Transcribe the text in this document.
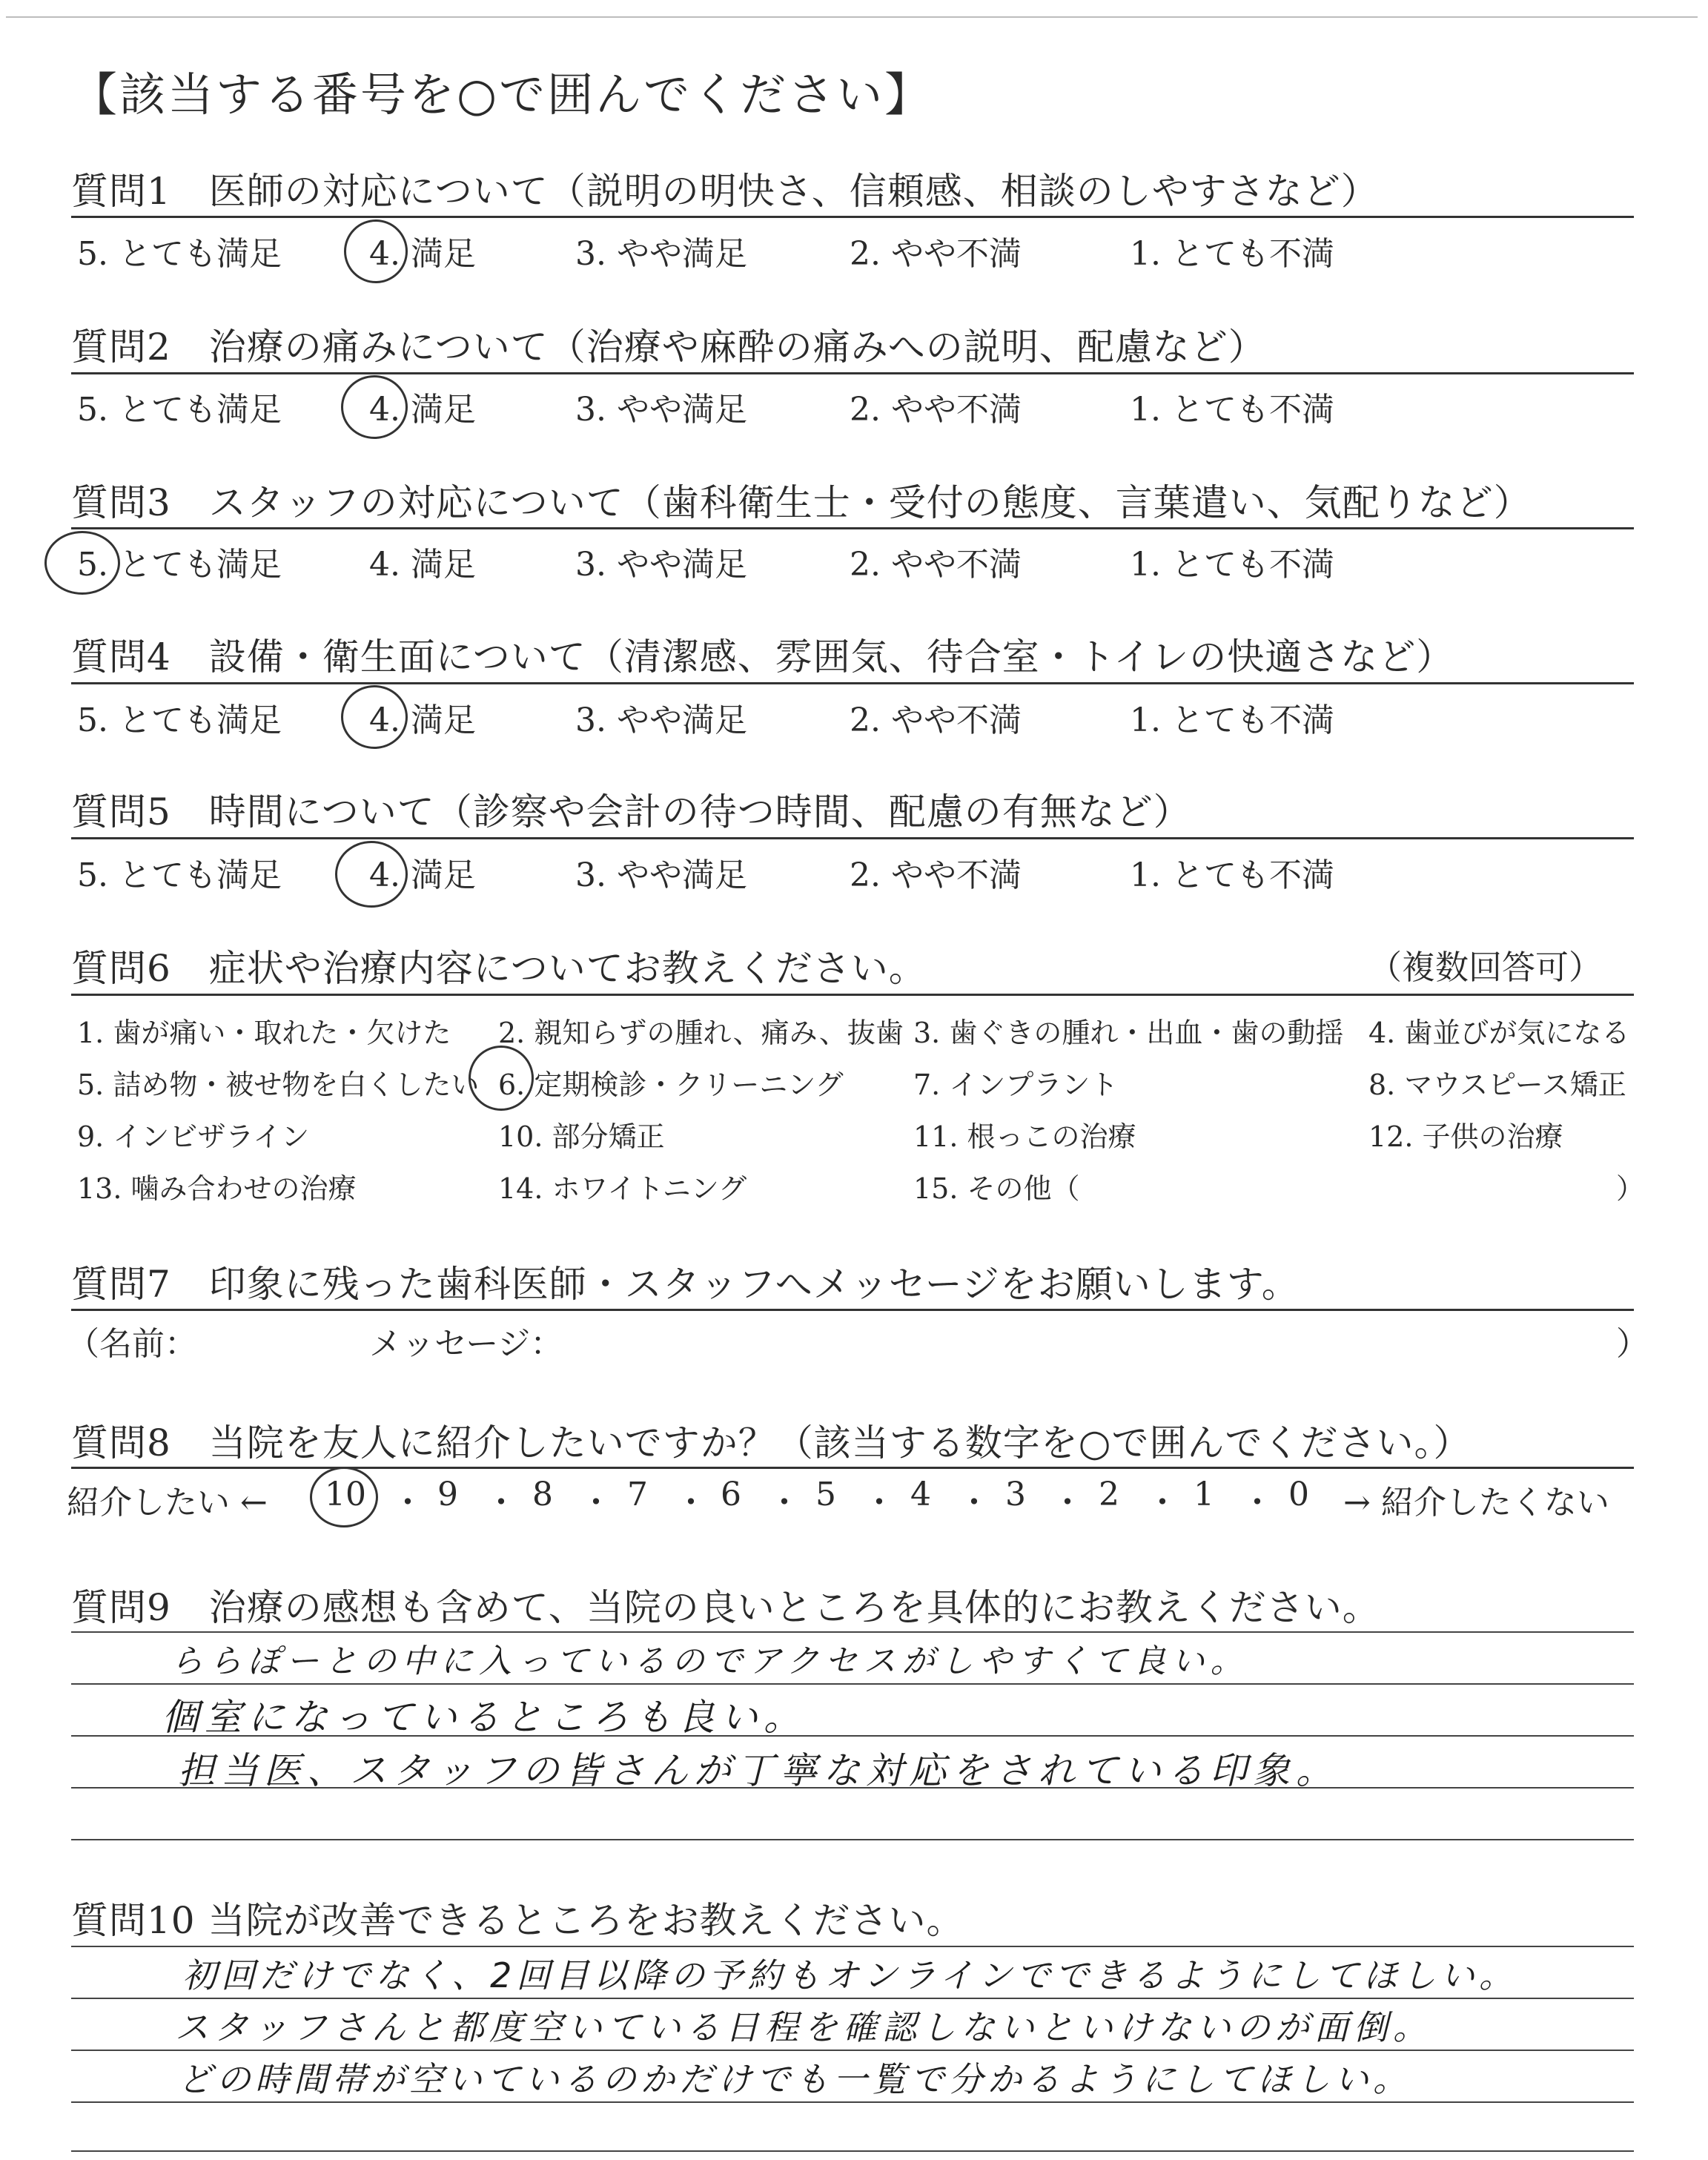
【該当する番号を○で囲んでください】
質問1　医師の対応について（説明の明快さ、信頼感、相談のしやすさなど）
5. とても満足	4. 満足	3. やや満足	2. やや不満	1. とても不満
質問2　治療の痛みについて（治療や麻酔の痛みへの説明、配慮など）
5. とても満足	4. 満足	3. やや満足	2. やや不満	1. とても不満
質問3　スタッフの対応について（歯科衛生士・受付の態度、言葉遣い、気配りなど）
5. とても満足	4. 満足	3. やや満足	2. やや不満	1. とても不満
質問4　設備・衛生面について（清潔感、雰囲気、待合室・トイレの快適さなど）
5. とても満足	4. 満足	3. やや満足	2. やや不満	1. とても不満
質問5　時間について（診察や会計の待つ時間、配慮の有無など）
5. とても満足	4. 満足	3. やや満足	2. やや不満	1. とても不満
質問6　症状や治療内容についてお教えください。	（複数回答可）
1. 歯が痛い・取れた・欠けた 2. 親知らずの腫れ、痛み、抜歯 3. 歯ぐきの腫れ・出血・歯の動揺 4. 歯並びが気になる
5. 詰め物・被せ物を白くしたい 6. 定期検診・クリーニング 7. インプラント	8. マウスピース矯正
9. インビザライン	10. 部分矯正	11. 根っこの治療	12. 子供の治療
13. 噛み合わせの治療	14. ホワイトニング	15. その他（	）
質問7　印象に残った歯科医師・スタッフへメッセージをお願いします。
（名前：	メッセージ：	）
質問8　当院を友人に紹介したいですか？（該当する数字を○で囲んでください。）
紹介したい ← 10 ・ 9 ・ 8 ・ 7 ・ 6 ・ 5 ・ 4 ・ 3 ・ 2 ・ 1 ・ 0 → 紹介したくない
質問9　治療の感想も含めて、当院の良いところを具体的にお教えください。
ららぽーとの中に入っているのでアクセスがしやすくて良い。
個室になっているところも良い。
担当医、スタッフの皆さんが丁寧な対応をされている印象。
質問10 当院が改善できるところをお教えください。
初回だけでなく、2回目以降の予約もオンラインでできるようにしてほしい。
スタッフさんと都度空いている日程を確認しないといけないのが面倒。
どの時間帯が空いているのかだけでも一覧で分かるようにしてほしい。
